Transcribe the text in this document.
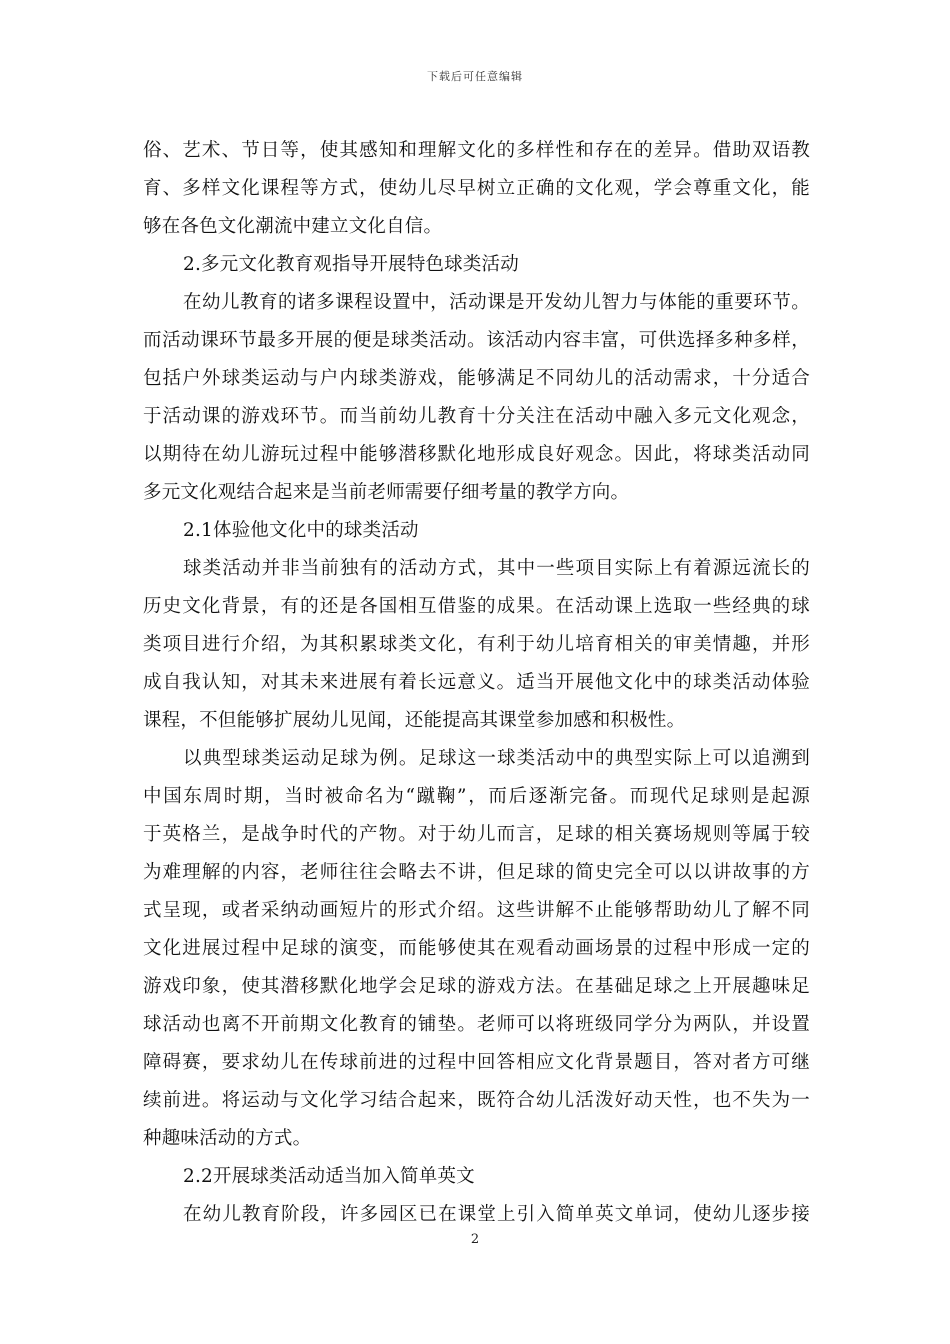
下载后可任意编辑
俗、艺术、节日等，使其感知和理解文化的多样性和存在的差异。借助双语教
育、多样文化课程等方式，使幼儿尽早树立正确的文化观，学会尊重文化，能
够在各色文化潮流中建立文化自信。
2.多元文化教育观指导开展特色球类活动
在幼儿教育的诸多课程设置中，活动课是开发幼儿智力与体能的重要环节。
而活动课环节最多开展的便是球类活动。该活动内容丰富，可供选择多种多样，
包括户外球类运动与户内球类游戏，能够满足不同幼儿的活动需求，十分适合
于活动课的游戏环节。而当前幼儿教育十分关注在活动中融入多元文化观念，
以期待在幼儿游玩过程中能够潜移默化地形成良好观念。因此，将球类活动同
多元文化观结合起来是当前老师需要仔细考量的教学方向。
2.1体验他文化中的球类活动
球类活动并非当前独有的活动方式，其中一些项目实际上有着源远流长的
历史文化背景，有的还是各国相互借鉴的成果。在活动课上选取一些经典的球
类项目进行介绍，为其积累球类文化，有利于幼儿培育相关的审美情趣，并形
成自我认知，对其未来进展有着长远意义。适当开展他文化中的球类活动体验
课程，不但能够扩展幼儿见闻，还能提高其课堂参加感和积极性。
以典型球类运动足球为例。足球这一球类活动中的典型实际上可以追溯到
中国东周时期，当时被命名为“蹴鞠”，而后逐渐完备。而现代足球则是起源
于英格兰，是战争时代的产物。对于幼儿而言，足球的相关赛场规则等属于较
为难理解的内容，老师往往会略去不讲，但足球的简史完全可以以讲故事的方
式呈现，或者采纳动画短片的形式介绍。这些讲解不止能够帮助幼儿了解不同
文化进展过程中足球的演变，而能够使其在观看动画场景的过程中形成一定的
游戏印象，使其潜移默化地学会足球的游戏方法。在基础足球之上开展趣味足
球活动也离不开前期文化教育的铺垫。老师可以将班级同学分为两队，并设置
障碍赛，要求幼儿在传球前进的过程中回答相应文化背景题目，答对者方可继
续前进。将运动与文化学习结合起来，既符合幼儿活泼好动天性，也不失为一
种趣味活动的方式。
2.2开展球类活动适当加入简单英文
在幼儿教育阶段，许多园区已在课堂上引入简单英文单词，使幼儿逐步接
2
